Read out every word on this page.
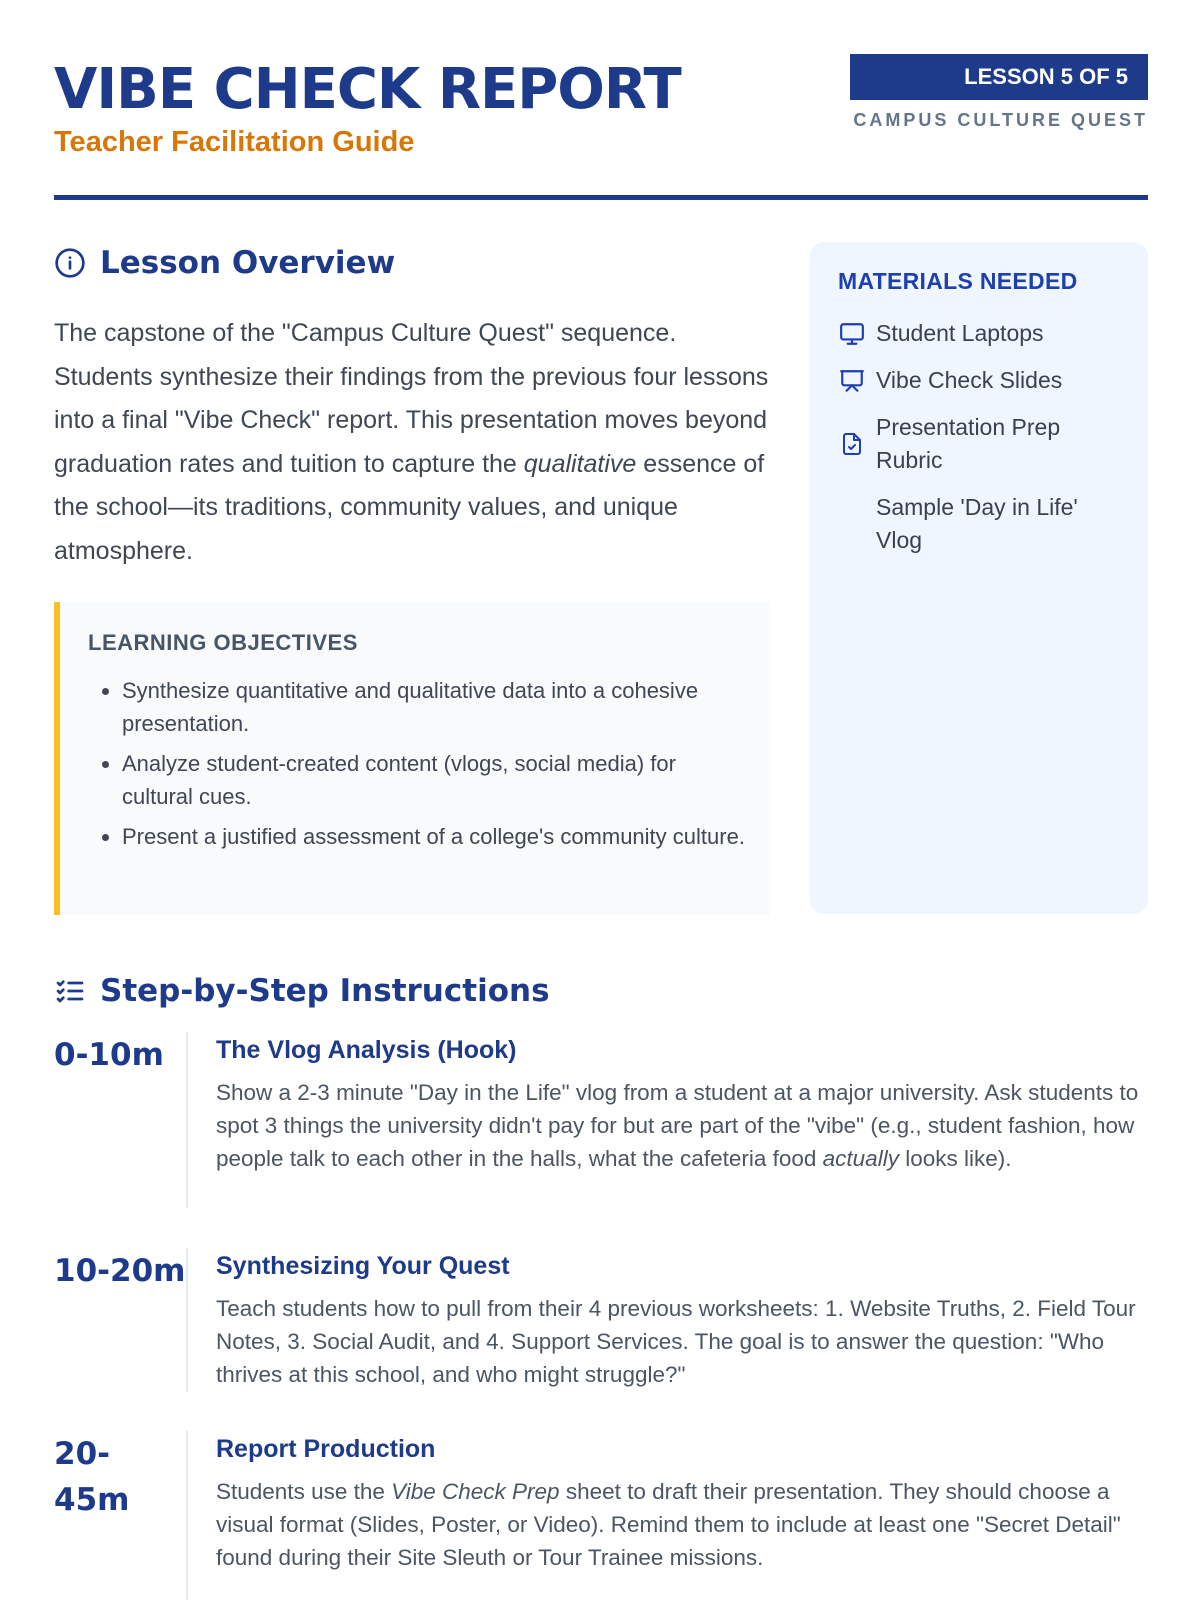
VIBE CHECK REPORT
Teacher Facilitation Guide
LESSON 5 OF 5
CAMPUS CULTURE QUEST
Lesson Overview

The capstone of the "Campus Culture Quest" sequence. Students synthesize their findings from the previous four lessons into a final "Vibe Check" report. This presentation moves beyond graduation rates and tuition to capture the qualitative essence of the school—its traditions, community values, and unique atmosphere.

LEARNING OBJECTIVES
• Synthesize quantitative and qualitative data into a cohesive presentation.
• Analyze student-created content (vlogs, social media) for cultural cues.
• Present a justified assessment of a college's community culture.
MATERIALS NEEDED
Student Laptops
Vibe Check Slides
Presentation Prep Rubric
Sample 'Day in Life' Vlog
Step-by-Step Instructions
0-10m	The Vlog Analysis (Hook)

Show a 2-3 minute "Day in the Life" vlog from a student at a major university. Ask students to spot 3 things the university didn't pay for but are part of the "vibe" (e.g., student fashion, how people talk to each other in the halls, what the cafeteria food actually looks like).

10-20m Synthesizing Your Quest

Teach students how to pull from their 4 previous worksheets: 1. Website Truths, 2. Field Tour Notes, 3. Social Audit, and 4. Support Services. The goal is to answer the question: "Who thrives at this school, and who might struggle?"

20-45m
Report Production

Students use the Vibe Check Prep sheet to draft their presentation. They should choose a visual format (Slides, Poster, or Video). Remind them to include at least one "Secret Detail" found during their Site Sleuth or Tour Trainee missions.
